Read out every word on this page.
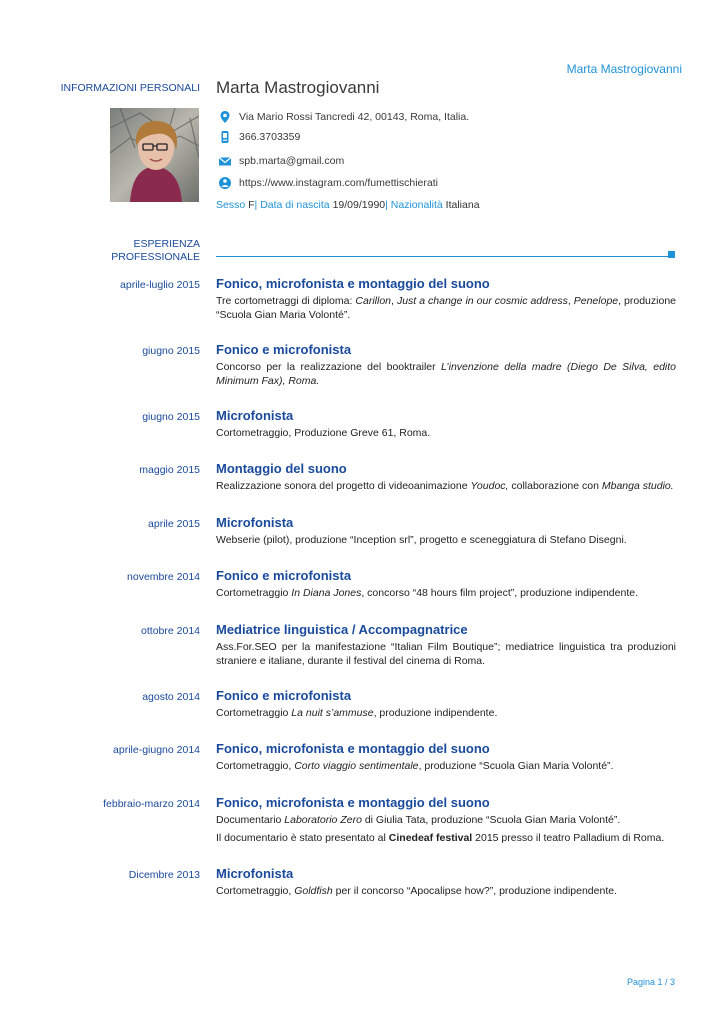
Marta Mastrogiovanni
INFORMAZIONI PERSONALI Marta Mastrogiovanni
Via Mario Rossi Tancredi 42, 00143, Roma, Italia.
366.3703359
spb.marta@gmail.com
https://www.instagram.com/fumettischierati
Sesso F| Data di nascita 19/09/1990| Nazionalità Italiana
ESPERIENZA
PROFESSIONALE
aprile-luglio 2015 Fonico, microfonista e montaggio del suono
Tre cortometraggi di diploma: Carillon, Just a change in our cosmic address, Penelope, produzione “Scuola Gian Maria Volonté”.
giugno 2015 Fonico e microfonista
Concorso per la realizzazione del booktrailer L’invenzione della madre (Diego De Silva, edito Minimum Fax), Roma.
giugno 2015 Microfonista
Cortometraggio, Produzione Greve 61, Roma.
maggio 2015 Montaggio del suono
Realizzazione sonora del progetto di videoanimazione Youdoc, collaborazione con Mbanga studio.
aprile 2015 Microfonista
Webserie (pilot), produzione “Inception srl”, progetto e sceneggiatura di Stefano Disegni.
novembre 2014 Fonico e microfonista
Cortometraggio In Diana Jones, concorso “48 hours film project”, produzione indipendente.
ottobre 2014 Mediatrice linguistica / Accompagnatrice
Ass.For.SEO per la manifestazione “Italian Film Boutique”; mediatrice linguistica tra produzioni straniere e italiane, durante il festival del cinema di Roma.
agosto 2014 Fonico e microfonista
Cortometraggio La nuit s’ammuse, produzione indipendente.
aprile-giugno 2014 Fonico, microfonista e montaggio del suono
Cortometraggio, Corto viaggio sentimentale, produzione “Scuola Gian Maria Volonté”.
febbraio-marzo 2014 Fonico, microfonista e montaggio del suono
Documentario Laboratorio Zero di Giulia Tata, produzione “Scuola Gian Maria Volonté”.
Il documentario è stato presentato al Cinedeaf festival 2015 presso il teatro Palladium di Roma.
Dicembre 2013 Microfonista
Cortometraggio, Goldfish per il concorso “Apocalipse how?”, produzione indipendente.
Pagina 1 / 3
